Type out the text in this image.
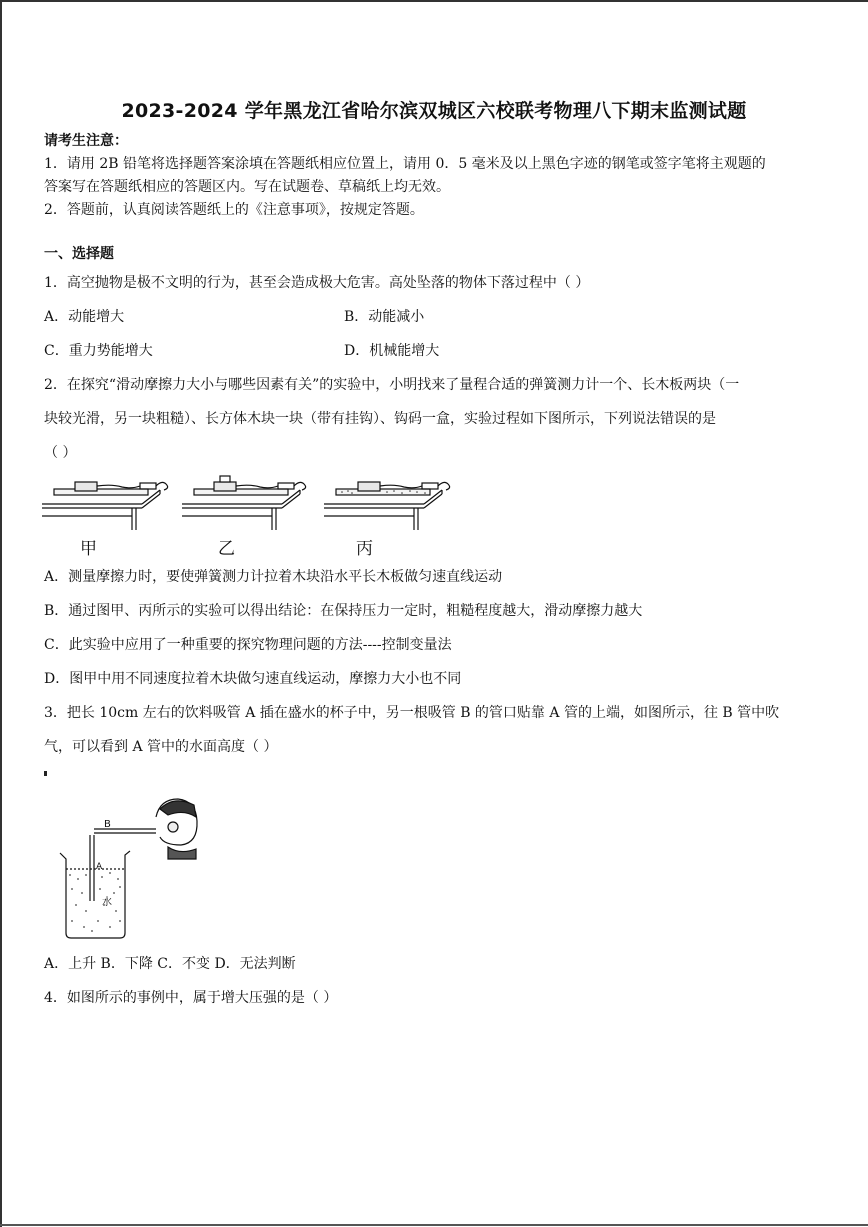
2023-2024 学年黑龙江省哈尔滨双城区六校联考物理八下期末监测试题
请考生注意：
1．请用 2B 铅笔将选择题答案涂填在答题纸相应位置上，请用 0．5 毫米及以上黑色字迹的钢笔或签字笔将主观题的
答案写在答题纸相应的答题区内。写在试题卷、草稿纸上均无效。
2．答题前，认真阅读答题纸上的《注意事项》，按规定答题。
一、选择题
1．高空抛物是极不文明的行为，甚至会造成极大危害。高处坠落的物体下落过程中（ ）
A．动能增大	B．动能减小
C．重力势能增大	D．机械能增大
2．在探究“滑动摩擦力大小与哪些因素有关”的实验中，小明找来了量程合适的弹簧测力计一个、长木板两块（一
块较光滑，另一块粗糙）、长方体木块一块（带有挂钩）、钩码一盒，实验过程如下图所示，下列说法错误的是
（ ）
甲	乙	丙
A．测量摩擦力时，要使弹簧测力计拉着木块沿水平长木板做匀速直线运动
B．通过图甲、丙所示的实验可以得出结论：在保持压力一定时，粗糙程度越大，滑动摩擦力越大
C．此实验中应用了一种重要的探究物理问题的方法----控制变量法
D．图甲中用不同速度拉着木块做匀速直线运动，摩擦力大小也不同
3．把长 10cm 左右的饮料吸管 A 插在盛水的杯子中，另一根吸管 B 的管口贴靠 A 管的上端，如图所示，往 B 管中吹
气，可以看到 A 管中的水面高度（ ）
B
A
水
A．上升 B．下降 C．不变 D．无法判断
4．如图所示的事例中，属于增大压强的是（ ）
